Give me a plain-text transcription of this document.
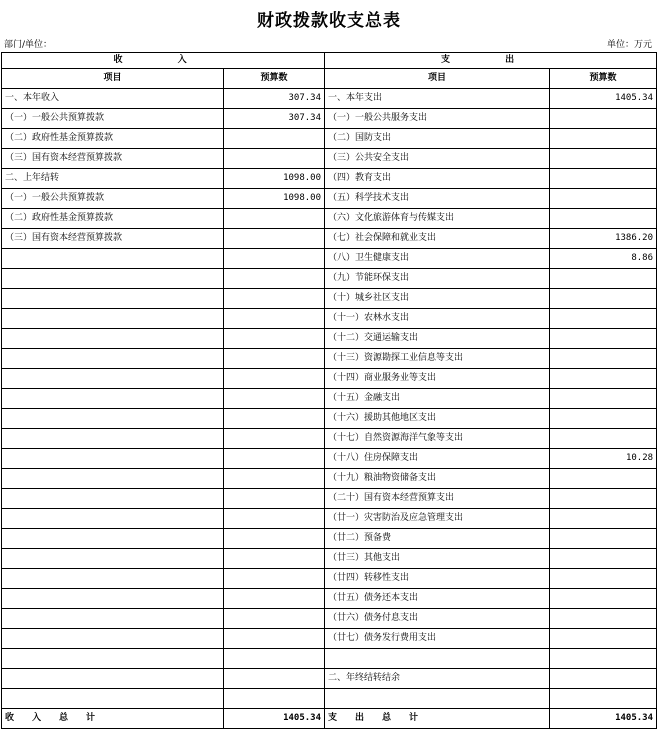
财政拨款收支总表
部门/单位：	单位：万元
收 入		支 出	
项目	预算数	项目	预算数
一、本年收入	307.34	一、本年支出	1405.34
（一）一般公共预算拨款	307.34	（一）一般公共服务支出	
（二）政府性基金预算拨款		（二）国防支出	
（三）国有资本经营预算拨款		（三）公共安全支出	
二、上年结转	1098.00	（四）教育支出	
（一）一般公共预算拨款	1098.00	（五）科学技术支出	
（二）政府性基金预算拨款		（六）文化旅游体育与传媒支出	
（三）国有资本经营预算拨款		（七）社会保障和就业支出	1386.20
		（八）卫生健康支出	8.86
		（九）节能环保支出	
		（十）城乡社区支出	
		（十一）农林水支出	
		（十二）交通运输支出	
		（十三）资源勘探工业信息等支出	
		（十四）商业服务业等支出	
		（十五）金融支出	
		（十六）援助其他地区支出	
		（十七）自然资源海洋气象等支出	
		（十八）住房保障支出	10.28
		（十九）粮油物资储备支出	
		（二十）国有资本经营预算支出	
		（廿一）灾害防治及应急管理支出	
		（廿二）预备费	
		（廿三）其他支出	
		（廿四）转移性支出	
		（廿五）债务还本支出	
		（廿六）债务付息支出	
		（廿七）债务发行费用支出	

		二、年终结转结余	

收入总计	1405.34	支出总计	1405.34
